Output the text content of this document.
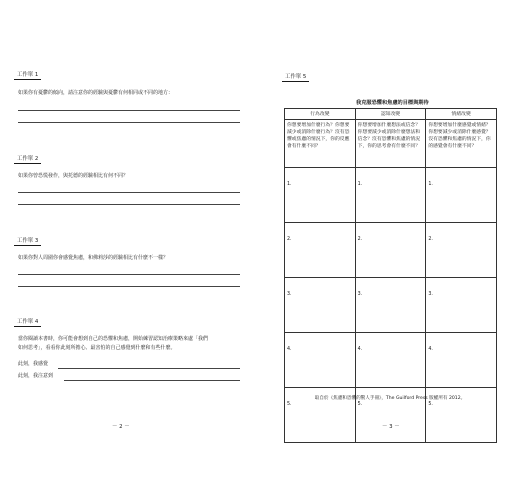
工作單 1
如果你有憂鬱的傾向，請注意你的經驗與憂鬱有何相同或不同的地方：
工作單 2
如果你曾恐慌發作，與托德的經驗相比有何不同？
工作單 3
如果你對人周圍你會感覺焦慮，和佛莉莎的經驗相比有什麼不一樣？
工作單 4
當你閱讀本書時，你可能會想到自己的恐懼和焦慮，開始練習認知治療策略來處「我們
如何思考」，看看你此刻所擔心、最害怕的自己感覺到什麼和有些什麼。
此刻，我感覺
此刻，我注意到
－ 2 －
工作單 5
我克服恐懼和焦慮的目標與期待
行為改變	認知改變	情緒改變
你想要增加什麼行為？你想要減少或消除什麼行為？沒有恐懼或焦慮的情況下，你的反應會有什麼不同？	你想要增加什麼想法或信念？你想要減少或消除什麼想法和信念？沒有恐懼和焦慮的情況下，你的思考會有什麼不同？	你想要增加什麼感覺或情緒？你想要減少或消除什麼感覺？沒有恐懼和焦慮的情況下，你的感覺會有什麼不同？
1.	1.	1.
2.	2.	2.
3.	3.	3.
4.	4.	4.
5.	5.	5.
取自於《焦慮和恐懼的驚人手冊》，The Guilford Press 版權所有 2012。
－ 3 －
